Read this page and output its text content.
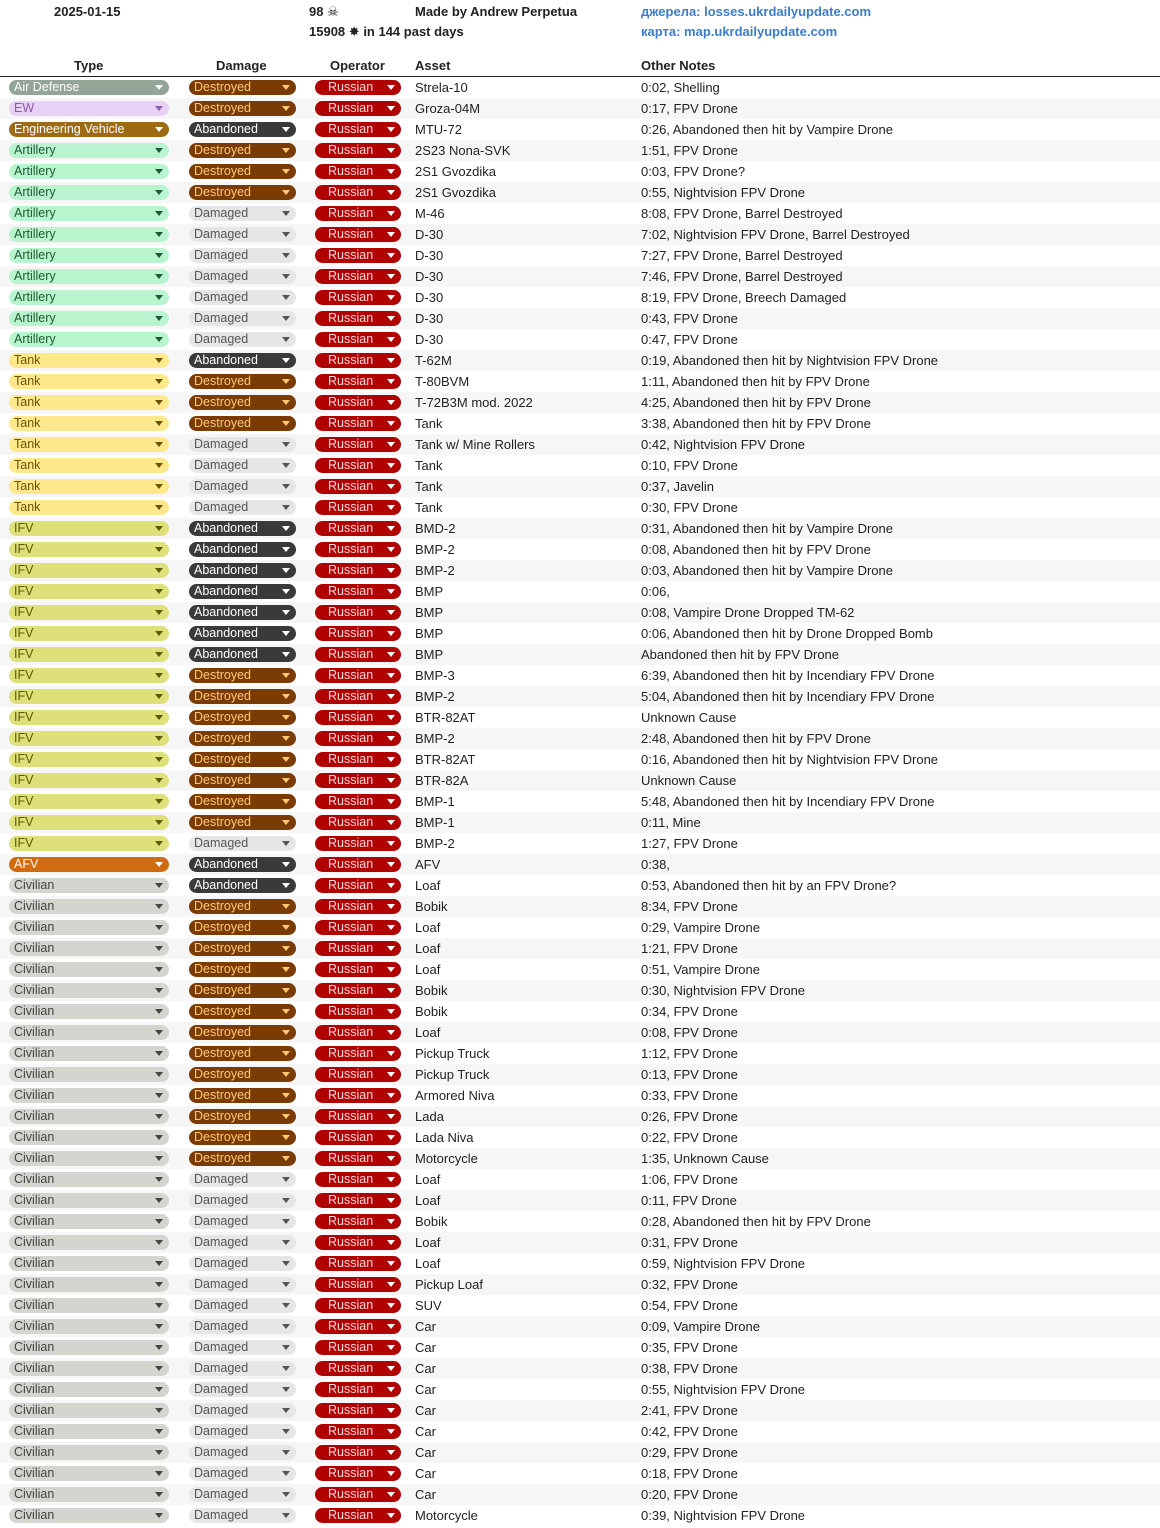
2025-01-15	98 ☠
15908 ✸ in 144 past days
Made by Andrew Perpetua	джерела: losses.ukrdailyupdate.com
карта: map.ukrdailyupdate.com
Type	Damage	Operator Asset	Other Notes
Air Defense	Destroyed	Russian	Strela-10	0:02, Shelling
EW	Destroyed	Russian	Groza-04M	0:17, FPV Drone
Engineering Vehicle	Abandoned	Russian	MTU-72	0:26, Abandoned then hit by Vampire Drone
Artillery	Destroyed	Russian	2S23 Nona-SVK	1:51, FPV Drone
Artillery	Destroyed	Russian	2S1 Gvozdika	0:03, FPV Drone?
Artillery	Destroyed	Russian	2S1 Gvozdika	0:55, Nightvision FPV Drone
Artillery	Damaged	Russian	M-46	8:08, FPV Drone, Barrel Destroyed
Artillery	Damaged	Russian	D-30	7:02, Nightvision FPV Drone, Barrel Destroyed
Artillery	Damaged	Russian	D-30	7:27, FPV Drone, Barrel Destroyed
Artillery	Damaged	Russian	D-30	7:46, FPV Drone, Barrel Destroyed
Artillery	Damaged	Russian	D-30	8:19, FPV Drone, Breech Damaged
Artillery	Damaged	Russian	D-30	0:43, FPV Drone
Artillery	Damaged	Russian	D-30	0:47, FPV Drone
Tank	Abandoned	Russian	T-62M	0:19, Abandoned then hit by Nightvision FPV Drone
Tank	Destroyed	Russian	T-80BVM	1:11, Abandoned then hit by FPV Drone
Tank	Destroyed	Russian	T-72B3M mod. 2022	4:25, Abandoned then hit by FPV Drone
Tank	Destroyed	Russian	Tank	3:38, Abandoned then hit by FPV Drone
Tank	Damaged	Russian	Tank w/ Mine Rollers	0:42, Nightvision FPV Drone
Tank	Damaged	Russian	Tank	0:10, FPV Drone
Tank	Damaged	Russian	Tank	0:37, Javelin
Tank	Damaged	Russian	Tank	0:30, FPV Drone
IFV	Abandoned	Russian	BMD-2	0:31, Abandoned then hit by Vampire Drone
IFV	Abandoned	Russian	BMP-2	0:08, Abandoned then hit by FPV Drone
IFV	Abandoned	Russian	BMP-2	0:03, Abandoned then hit by Vampire Drone
IFV	Abandoned	Russian	BMP	0:06,
IFV	Abandoned	Russian	BMP	0:08, Vampire Drone Dropped TM-62
IFV	Abandoned	Russian	BMP	0:06, Abandoned then hit by Drone Dropped Bomb
IFV	Abandoned	Russian	BMP	Abandoned then hit by FPV Drone
IFV	Destroyed	Russian	BMP-3	6:39, Abandoned then hit by Incendiary FPV Drone
IFV	Destroyed	Russian	BMP-2	5:04, Abandoned then hit by Incendiary FPV Drone
IFV	Destroyed	Russian	BTR-82AT	Unknown Cause
IFV	Destroyed	Russian	BMP-2	2:48, Abandoned then hit by FPV Drone
IFV	Destroyed	Russian	BTR-82AT	0:16, Abandoned then hit by Nightvision FPV Drone
IFV	Destroyed	Russian	BTR-82A	Unknown Cause
IFV	Destroyed	Russian	BMP-1	5:48, Abandoned then hit by Incendiary FPV Drone
IFV	Destroyed	Russian	BMP-1	0:11, Mine
IFV	Damaged	Russian	BMP-2	1:27, FPV Drone
AFV	Abandoned	Russian	AFV	0:38,
Civilian	Abandoned	Russian	Loaf	0:53, Abandoned then hit by an FPV Drone?
Civilian	Destroyed	Russian	Bobik	8:34, FPV Drone
Civilian	Destroyed	Russian	Loaf	0:29, Vampire Drone
Civilian	Destroyed	Russian	Loaf	1:21, FPV Drone
Civilian	Destroyed	Russian	Loaf	0:51, Vampire Drone
Civilian	Destroyed	Russian	Bobik	0:30, Nightvision FPV Drone
Civilian	Destroyed	Russian	Bobik	0:34, FPV Drone
Civilian	Destroyed	Russian	Loaf	0:08, FPV Drone
Civilian	Destroyed	Russian	Pickup Truck	1:12, FPV Drone
Civilian	Destroyed	Russian	Pickup Truck	0:13, FPV Drone
Civilian	Destroyed	Russian	Armored Niva	0:33, FPV Drone
Civilian	Destroyed	Russian	Lada	0:26, FPV Drone
Civilian	Destroyed	Russian	Lada Niva	0:22, FPV Drone
Civilian	Destroyed	Russian	Motorcycle	1:35, Unknown Cause
Civilian	Damaged	Russian	Loaf	1:06, FPV Drone
Civilian	Damaged	Russian	Loaf	0:11, FPV Drone
Civilian	Damaged	Russian	Bobik	0:28, Abandoned then hit by FPV Drone
Civilian	Damaged	Russian	Loaf	0:31, FPV Drone
Civilian	Damaged	Russian	Loaf	0:59, Nightvision FPV Drone
Civilian	Damaged	Russian	Pickup Loaf	0:32, FPV Drone
Civilian	Damaged	Russian	SUV	0:54, FPV Drone
Civilian	Damaged	Russian	Car	0:09, Vampire Drone
Civilian	Damaged	Russian	Car	0:35, FPV Drone
Civilian	Damaged	Russian	Car	0:38, FPV Drone
Civilian	Damaged	Russian	Car	0:55, Nightvision FPV Drone
Civilian	Damaged	Russian	Car	2:41, FPV Drone
Civilian	Damaged	Russian	Car	0:42, FPV Drone
Civilian	Damaged	Russian	Car	0:29, FPV Drone
Civilian	Damaged	Russian	Car	0:18, FPV Drone
Civilian	Damaged	Russian	Car	0:20, FPV Drone
Civilian	Damaged	Russian	Motorcycle	0:39, Nightvision FPV Drone
